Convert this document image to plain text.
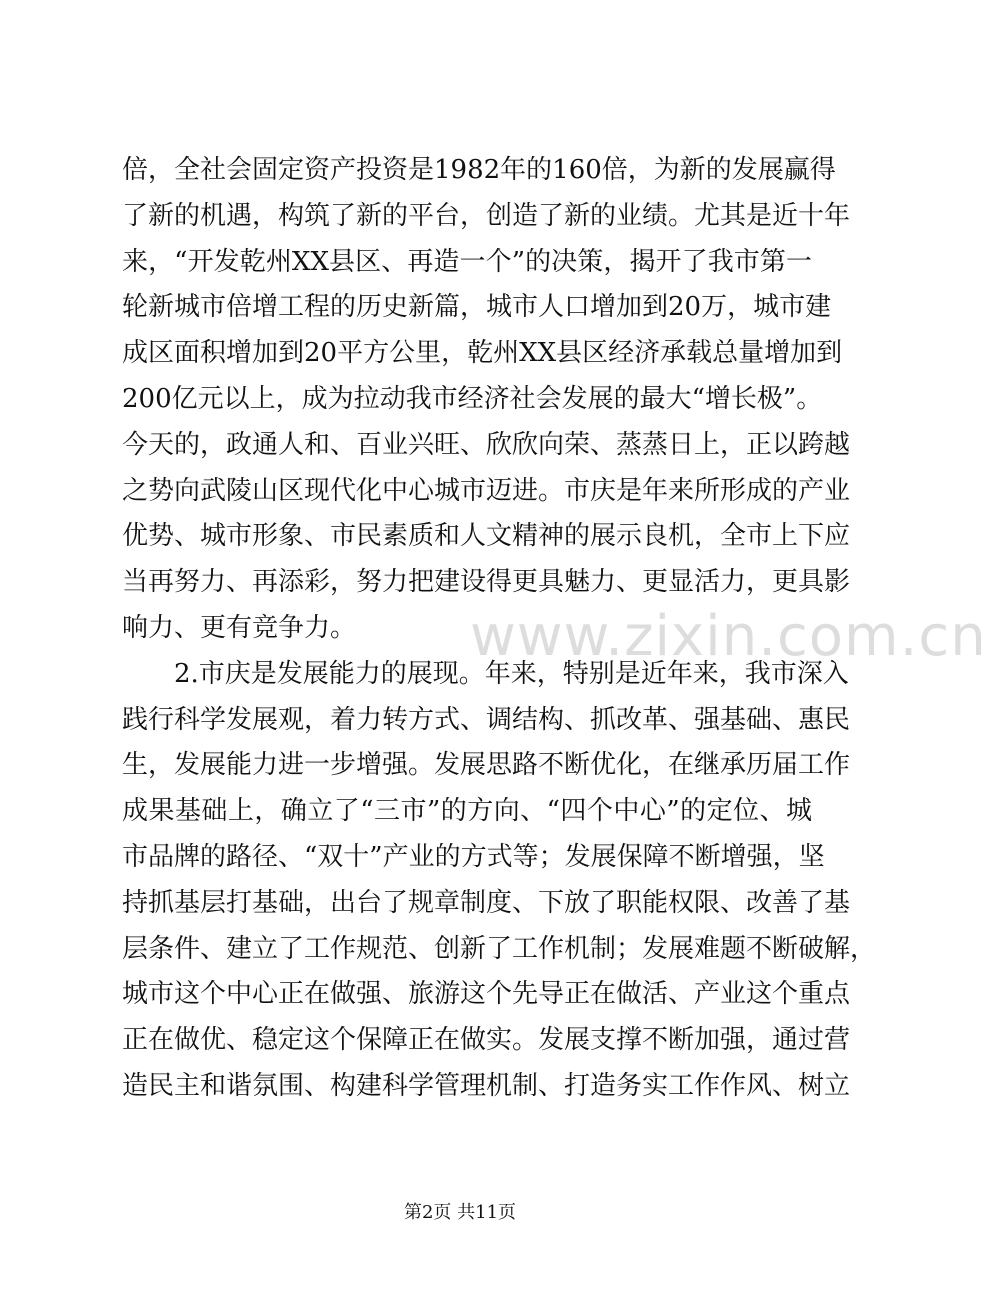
倍，全社会固定资产投资是1982年的160倍，为新的发展赢得
了新的机遇，构筑了新的平台，创造了新的业绩。尤其是近十年
来，“开发乾州XX县区、再造一个”的决策，揭开了我市第一
轮新城市倍增工程的历史新篇，城市人口增加到20万，城市建
成区面积增加到20平方公里，乾州XX县区经济承载总量增加到
200亿元以上，成为拉动我市经济社会发展的最大“增长极”。
今天的，政通人和、百业兴旺、欣欣向荣、蒸蒸日上，正以跨越
之势向武陵山区现代化中心城市迈进。市庆是年来所形成的产业
优势、城市形象、市民素质和人文精神的展示良机，全市上下应
当再努力、再添彩，努力把建设得更具魅力、更显活力，更具影
响力、更有竞争力。
2.市庆是发展能力的展现。年来，特别是近年来，我市深入
践行科学发展观，着力转方式、调结构、抓改革、强基础、惠民
生，发展能力进一步增强。发展思路不断优化，在继承历届工作
成果基础上，确立了“三市”的方向、“四个中心”的定位、城
市品牌的路径、“双十”产业的方式等；发展保障不断增强，坚
持抓基层打基础，出台了规章制度、下放了职能权限、改善了基
层条件、建立了工作规范、创新了工作机制；发展难题不断破解，
城市这个中心正在做强、旅游这个先导正在做活、产业这个重点
正在做优、稳定这个保障正在做实。发展支撑不断加强，通过营
造民主和谐氛围、构建科学管理机制、打造务实工作作风、树立
www.zixin.com.cn
第2页 共11页
